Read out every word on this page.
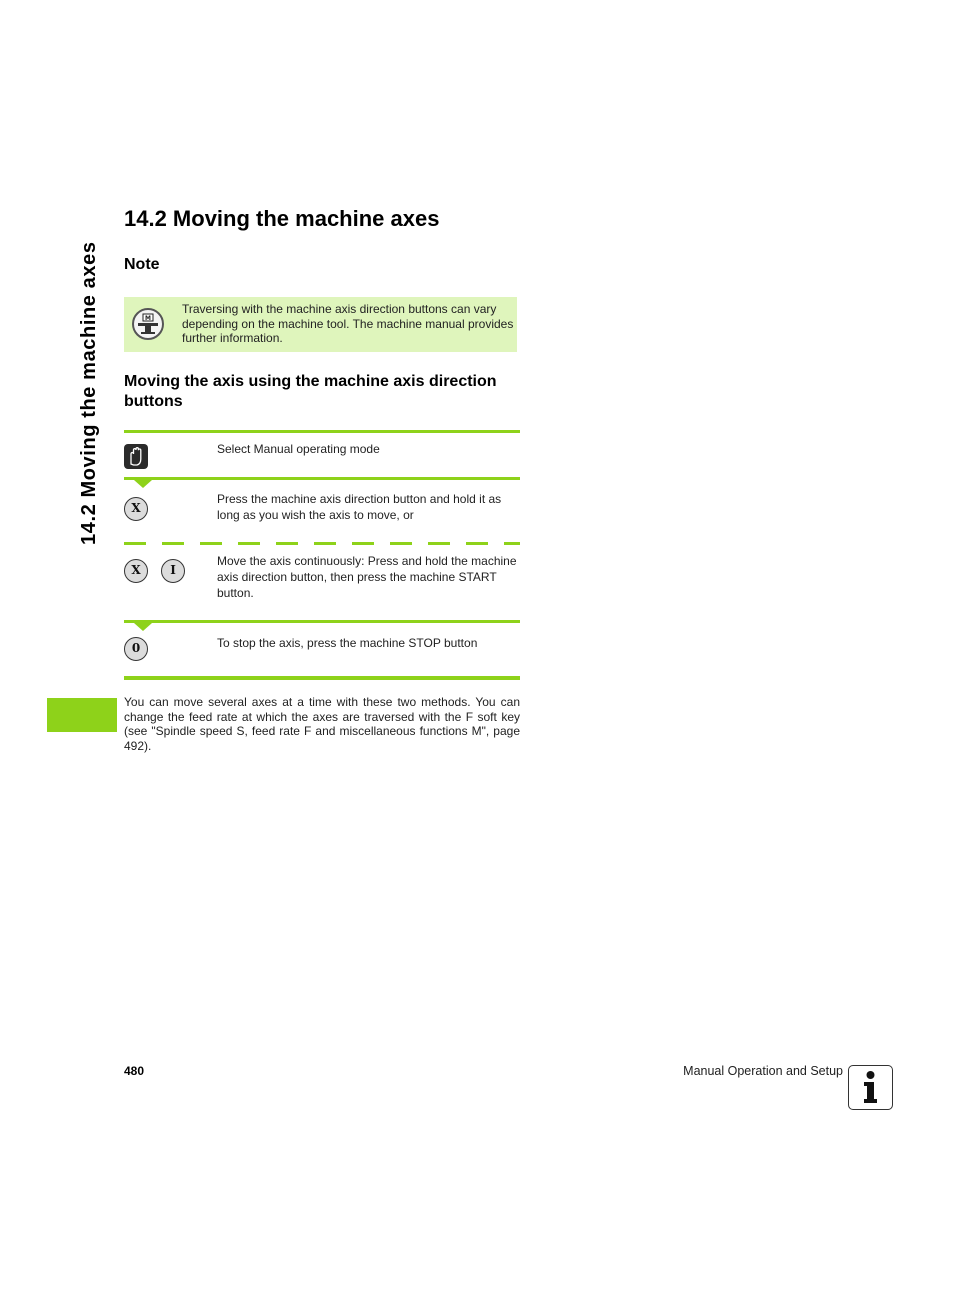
14.2 Moving the machine axes
14.2 Moving the machine axes
Note
M
Traversing with the machine axis direction buttons can vary depending on the machine tool. The machine manual provides further information.
Moving the axis using the machine axis direction buttons
Select Manual operating mode
X
Press the machine axis direction button and hold it as long as you wish the axis to move, or
X	I
Move the axis continuously: Press and hold the machine axis direction button, then press the machine START button.
0	To stop the axis, press the machine STOP button
You can move several axes at a time with these two methods. You can change the feed rate at which the axes are traversed with the F soft key (see "Spindle speed S, feed rate F and miscellaneous functions M", page 492).
480	Manual Operation and Setup
